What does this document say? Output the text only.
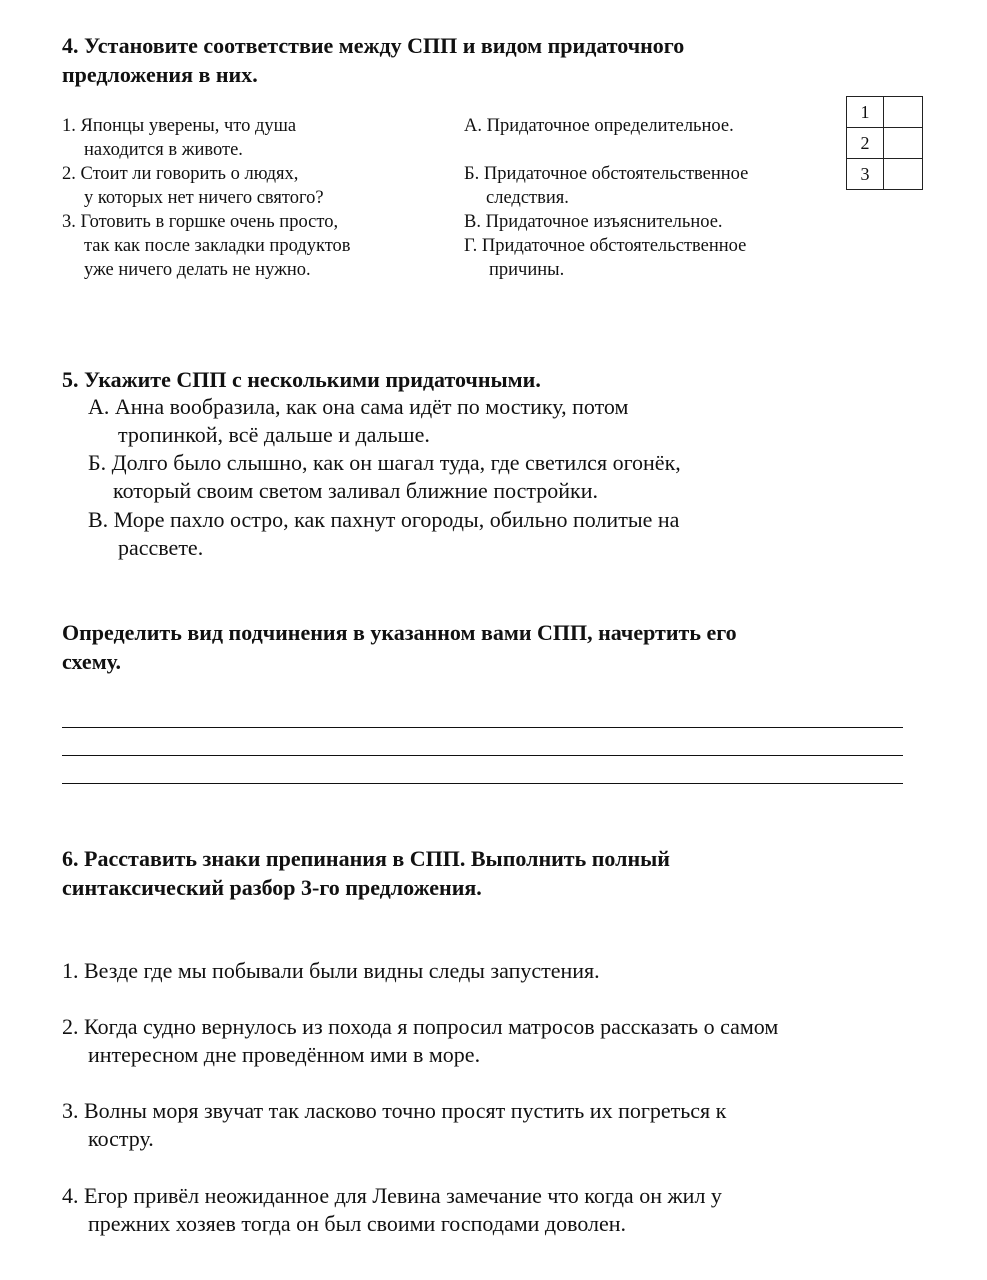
4. Установите соответствие между СПП и видом придаточного
предложения в них.
1. Японцы уверены, что душа
находится в животе.
2. Стоит ли говорить о людях,
у которых нет ничего святого?
3. Готовить в горшке очень просто,
так как после закладки продуктов
уже ничего делать не нужно.
А. Придаточное определительное.
Б. Придаточное обстоятельственное
следствия.
В. Придаточное изъяснительное.
Г. Придаточное обстоятельственное
причины.
1	
2	
3	
5. Укажите СПП с несколькими придаточными.
А. Анна вообразила, как она сама идёт по мостику, потом
тропинкой, всё дальше и дальше.
Б. Долго было слышно, как он шагал туда, где светился огонёк,
который своим светом заливал ближние постройки.
В. Море пахло остро, как пахнут огороды, обильно политые на
рассвете.
Определить вид подчинения в указанном вами СПП, начертить его
схему.
6. Расставить знаки препинания в СПП. Выполнить полный
синтаксический разбор 3-го предложения.
1. Везде где мы побывали были видны следы запустения.
2. Когда судно вернулось из похода я попросил матросов рассказать о самом
интересном дне проведённом ими в море.
3. Волны моря звучат так ласково точно просят пустить их погреться к
костру.
4. Егор привёл неожиданное для Левина замечание что когда он жил у
прежних хозяев тогда он был своими господами доволен.
